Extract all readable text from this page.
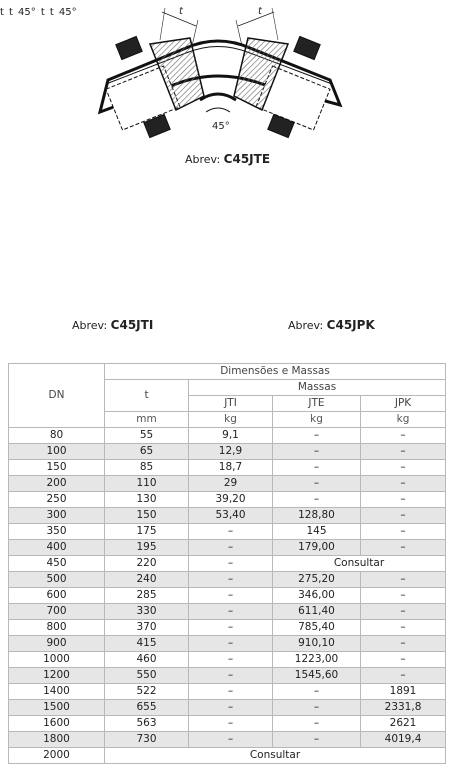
t	t
45°
t t 45° t t 45°
Abrev: C45JTE
Abrev: C45JTI	Abrev: C45JPK
DN	Dimensões e Massas			
	t	Massas		
		JTI	JTE	JPK
	mm	kg	kg	kg
80	55	9,1	–	–
100	65	12,9	–	–
150	85	18,7	–	–
200	110	29	–	–
250	130	39,20	–	–
300	150	53,40	128,80	–
350	175	–	145	–
400	195	–	179,00	–
450	220	–	Consultar	
500	240	–	275,20	–
600	285	–	346,00	–
700	330	–	611,40	–
800	370	–	785,40	–
900	415	–	910,10	–
1000	460	–	1223,00	–
1200	550	–	1545,60	–
1400	522	–	–	1891
1500	655	–	–	2331,8
1600	563	–	–	2621
1800	730	–	–	4019,4
2000	Consultar			
